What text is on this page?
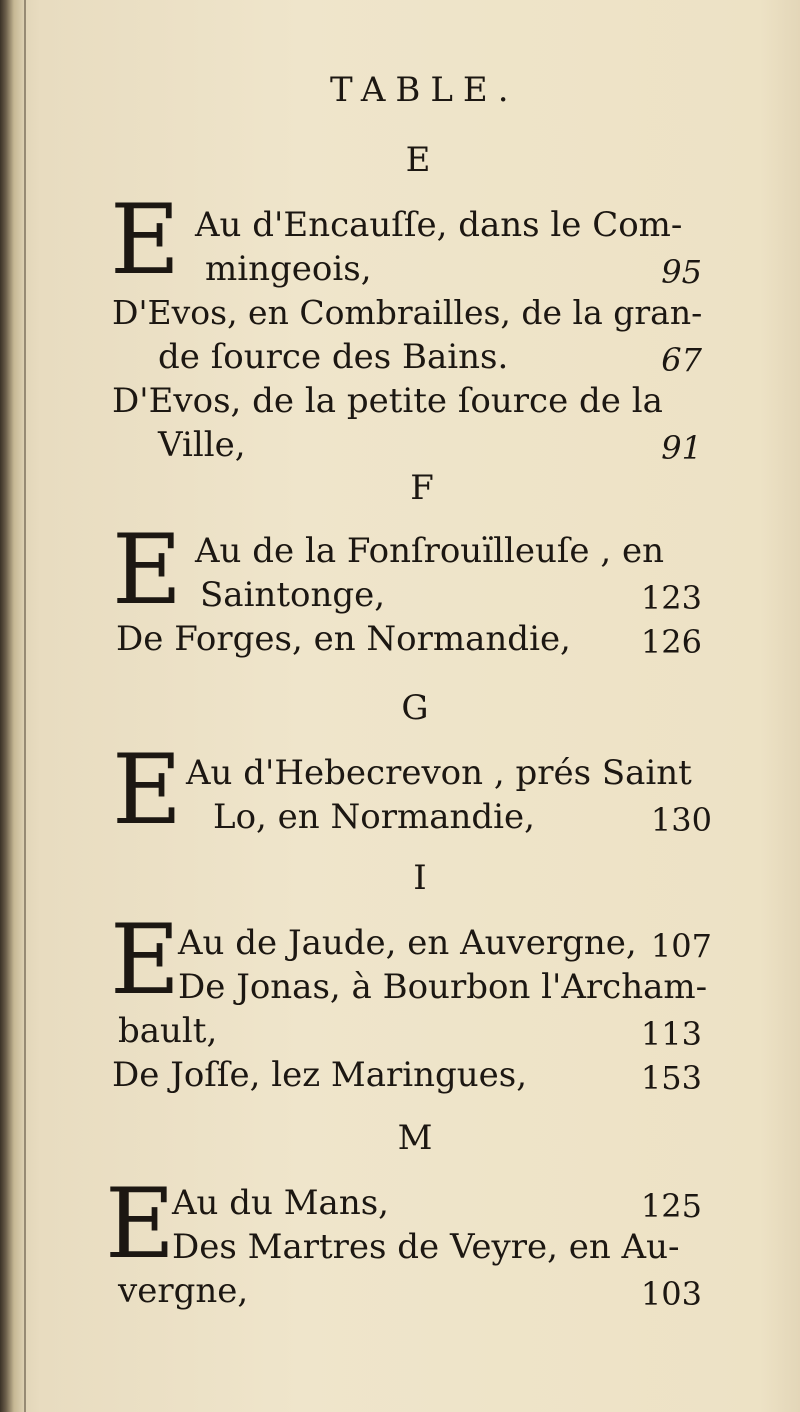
TABLE.
E
E Au d'Encauſſe, dans le Com-
mingeois,	95
D'Evos, en Combrailles, de la gran-
de ſource des Bains.	67
D'Evos, de la petite ſource de la
Ville,	91
F
E Au de la Fonſrouïlleuſe , en
Saintonge,	123
De Forges, en Normandie,	126
G
E Au d'Hebecrevon , prés Saint
Lo, en Normandie,	130
I
E
Au de Jaude, en Auvergne, 107
De Jonas, à Bourbon l'Archam-
bault,	113
De Joſſe, lez Maringues,	153
M
E
Au du Mans,	125
Des Martres de Veyre, en Au-
vergne,	103
